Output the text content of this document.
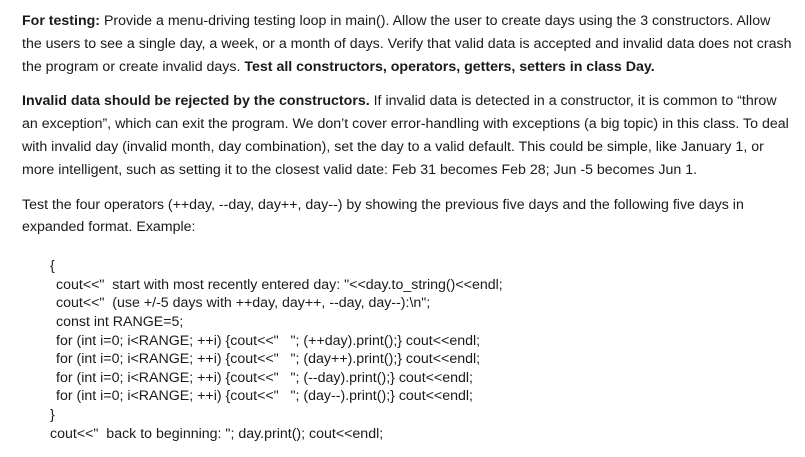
For testing: Provide a menu-driving testing loop in main(). Allow the user to create days using the 3 constructors. Allow the users to see a single day, a week, or a month of days. Verify that valid data is accepted and invalid data does not crash the program or create invalid days. Test all constructors, operators, getters, setters in class Day.

Invalid data should be rejected by the constructors. If invalid data is detected in a constructor, it is common to “throw an exception”, which can exit the program. We don’t cover error-handling with exceptions (a big topic) in this class. To deal with invalid day (invalid month, day combination), set the day to a valid default. This could be simple, like January 1, or more intelligent, such as setting it to the closest valid date: Feb 31 becomes Feb 28; Jun -5 becomes Jun 1.

Test the four operators (++day, --day, day++, day--) by showing the previous five days and the following five days in expanded format. Example:

{
cout<<"  start with most recently entered day: "<<day.to_string()<<endl;
cout<<"  (use +/-5 days with ++day, day++, --day, day--):\n";
const int RANGE=5;
for (int i=0; i<RANGE; ++i) {cout<<"   "; (++day).print();} cout<<endl;
for (int i=0; i<RANGE; ++i) {cout<<"   "; (day++).print();} cout<<endl;
for (int i=0; i<RANGE; ++i) {cout<<"   "; (--day).print();} cout<<endl;
for (int i=0; i<RANGE; ++i) {cout<<"   "; (day--).print();} cout<<endl;
}
cout<<"  back to beginning: "; day.print(); cout<<endl;
